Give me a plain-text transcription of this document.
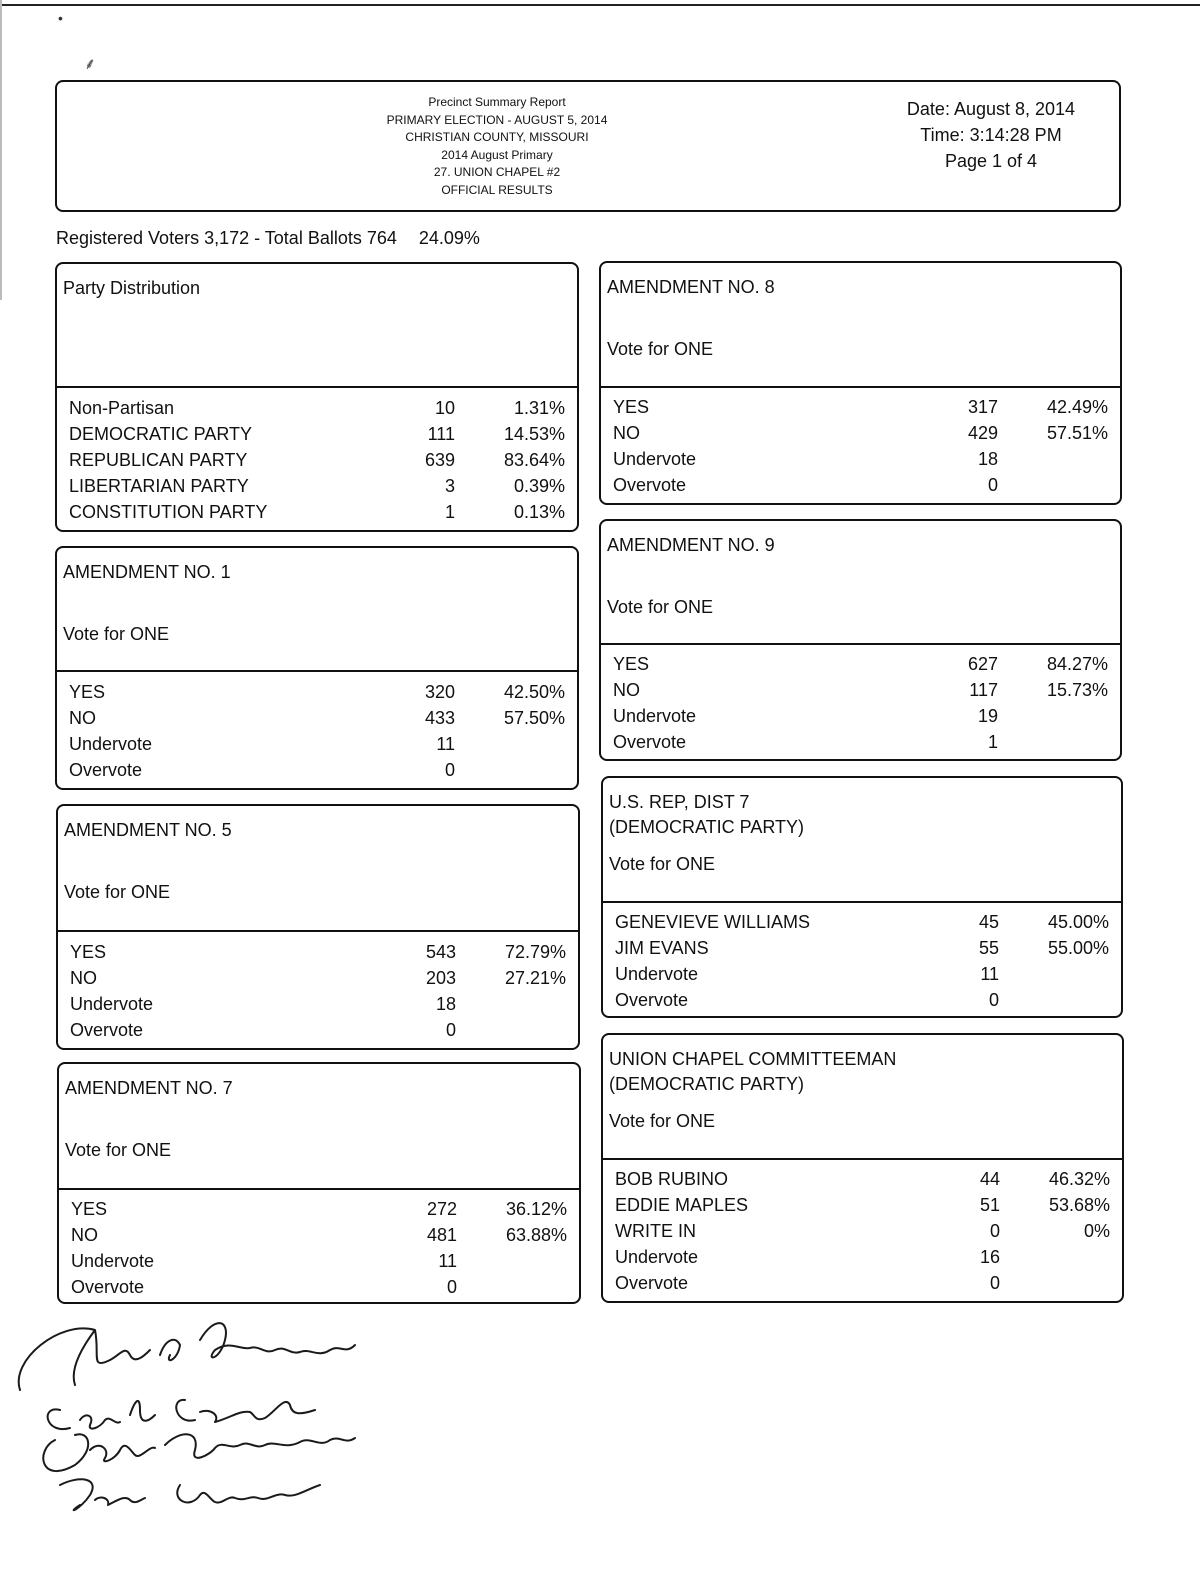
•
⸙
Precinct Summary Report
PRIMARY ELECTION - AUGUST 5, 2014
CHRISTIAN COUNTY, MISSOURI
2014 August Primary
27. UNION CHAPEL #2
OFFICIAL RESULTS
Date: August 8, 2014
Time: 3:14:28 PM
Page 1 of 4
Registered Voters 3,172 - Total Ballots 764 24.09%
Party Distribution
Non-Partisan	10	1.31%
DEMOCRATIC PARTY	111	14.53%
REPUBLICAN PARTY	639	83.64%
LIBERTARIAN PARTY	3	0.39%
CONSTITUTION PARTY	1	0.13%
AMENDMENT NO. 1
Vote for ONE
YES	320	42.50%
NO	433	57.50%
Undervote	11
Overvote	0
AMENDMENT NO. 5
Vote for ONE
YES	543	72.79%
NO	203	27.21%
Undervote	18
Overvote	0
AMENDMENT NO. 7
Vote for ONE
YES	272	36.12%
NO	481	63.88%
Undervote	11
Overvote	0
AMENDMENT NO. 8
Vote for ONE
YES	317	42.49%
NO	429	57.51%
Undervote	18
Overvote	0
AMENDMENT NO. 9
Vote for ONE
YES	627	84.27%
NO	117	15.73%
Undervote	19
Overvote	1
U.S. REP, DIST 7
(DEMOCRATIC PARTY)
Vote for ONE
GENEVIEVE WILLIAMS	45	45.00%
JIM EVANS	55	55.00%
Undervote	11
Overvote	0
UNION CHAPEL COMMITTEEMAN
(DEMOCRATIC PARTY)
Vote for ONE
BOB RUBINO	44	46.32%
EDDIE MAPLES	51	53.68%
WRITE IN	0	0%
Undervote	16
Overvote	0
